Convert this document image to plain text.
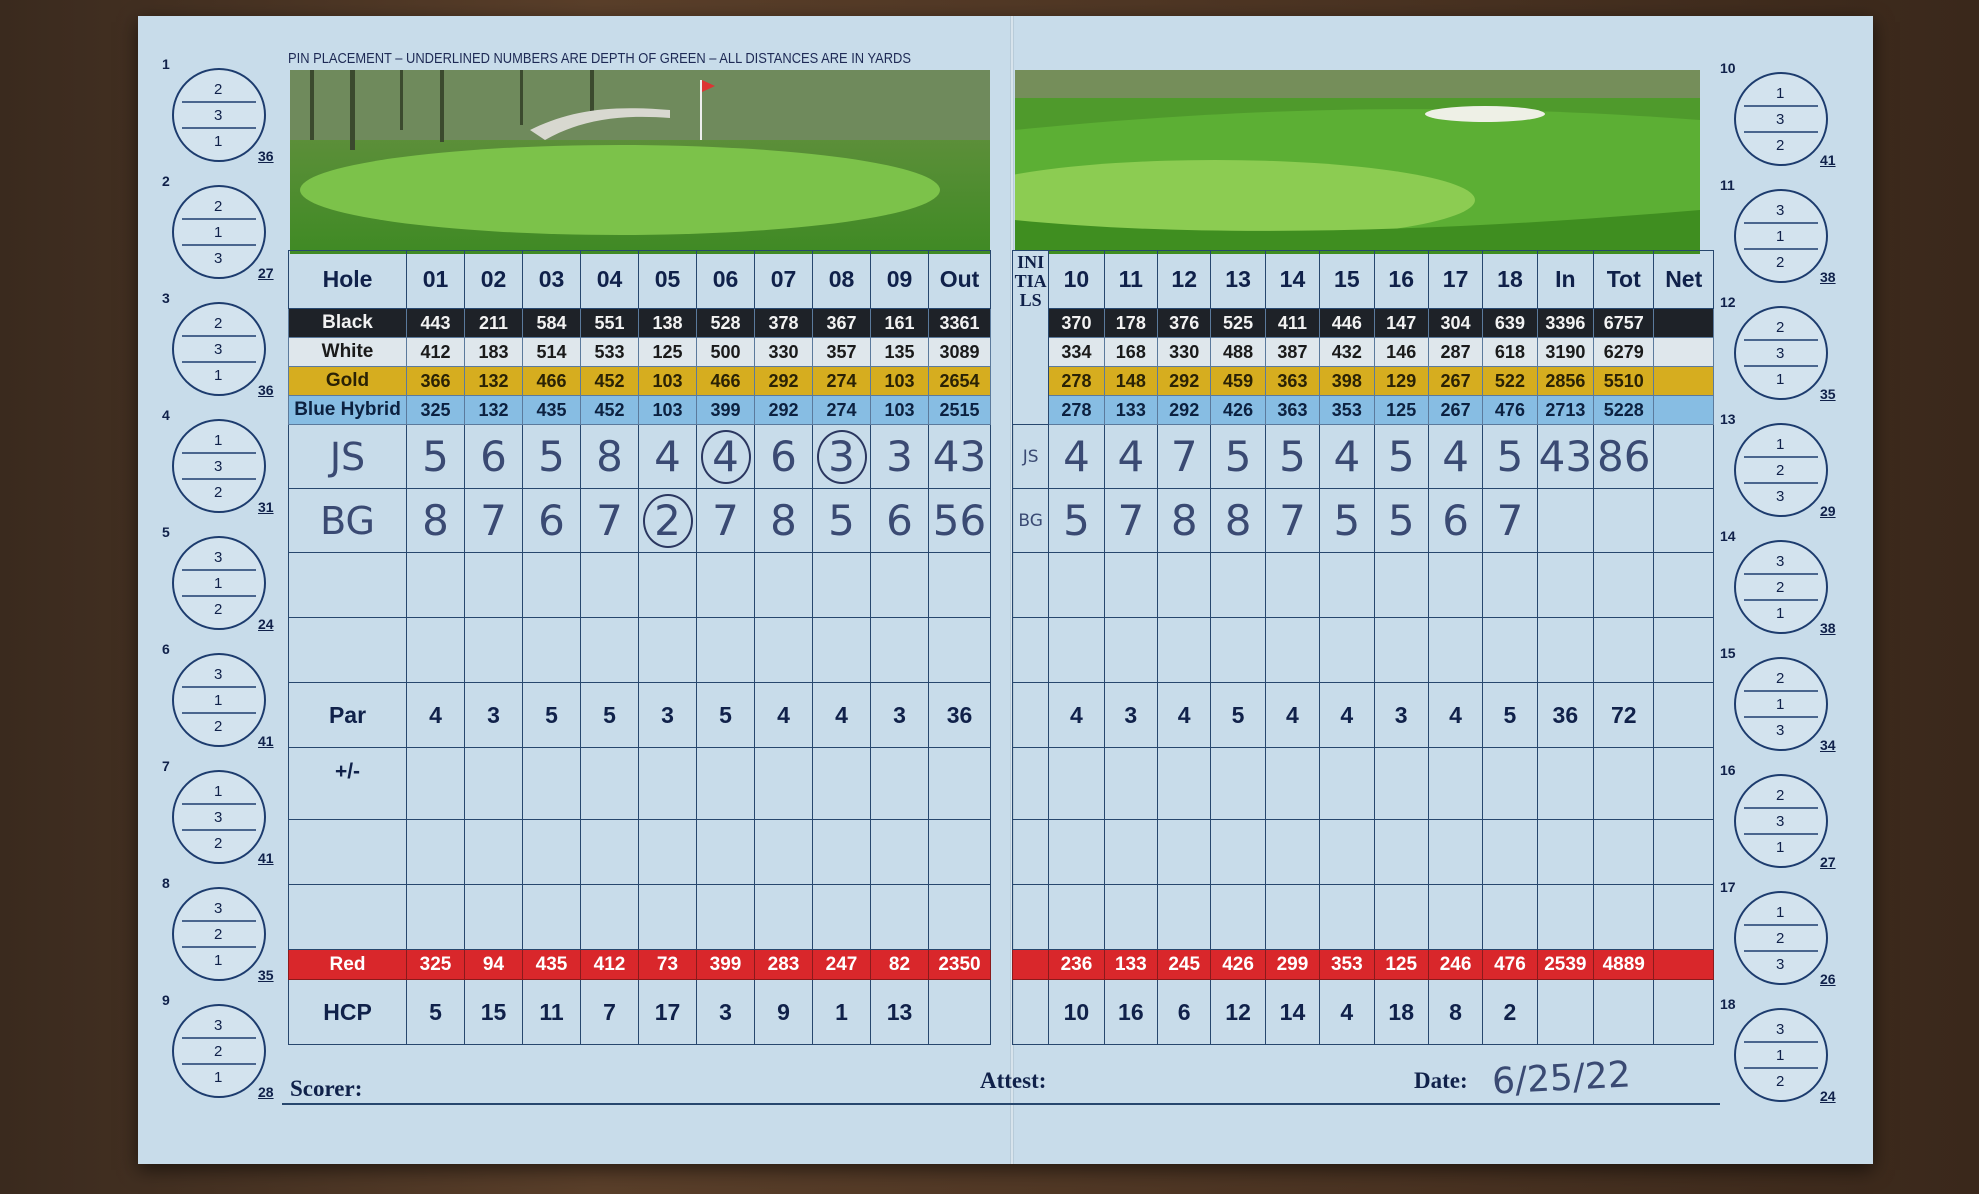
PIN PLACEMENT – UNDERLINED NUMBERS ARE DEPTH OF GREEN – ALL DISTANCES ARE IN YARDS
Hole	01	02	03	04	05	06	07	08	09	Out
Black	443	211	584	551	138	528	378	367	161	3361
White	412	183	514	533	125	500	330	357	135	3089
Gold	366	132	466	452	103	466	292	274	103	2654
Blue Hybrid	325	132	435	452	103	399	292	274	103	2515
JS	5	6	5	8	4	4	6	3	3	43
BG	8	7	6	7	2	7	8	5	6	56

Par	4	3	5	5	3	5	4	4	3	36
+/-										

Red	325	94	435	412	73	399	283	247	82	2350
HCP	5	15	11	7	17	3	9	1	13	
INITIALS	10	11	12	13	14	15	16	17	18	In	Tot	Net
	370	178	376	525	411	446	147	304	639	3396	6757	
	334	168	330	488	387	432	146	287	618	3190	6279	
	278	148	292	459	363	398	129	267	522	2856	5510	
	278	133	292	426	363	353	125	267	476	2713	5228	
JS	4	4	7	5	5	4	5	4	5	43	86	
BG	5	7	8	8	7	5	5	6	7			

	4	3	4	5	4	4	3	4	5	36	72	

	236	133	245	426	299	353	125	246	476	2539	4889	
	10	16	6	12	14	4	18	8	2			
Scorer:	Attest:	Date: 6/25/22
1
2
3
1
36
2
2
1
3
27
3
2
3
1
36
4
1
3
2
31
5
3
1
2
24
6
3
1
2
41
7
1
3
2
41
8
3
2
1
35
9
3
2
1
28
10
1
3
2
41
11
3
1
2
38
12
2
3
1
35
13
1
2
3
29
14
3
2
1
38
15
2
1
3
34
16
2
3
1
27
17
1
2
3
26
18
3
1
2
24
